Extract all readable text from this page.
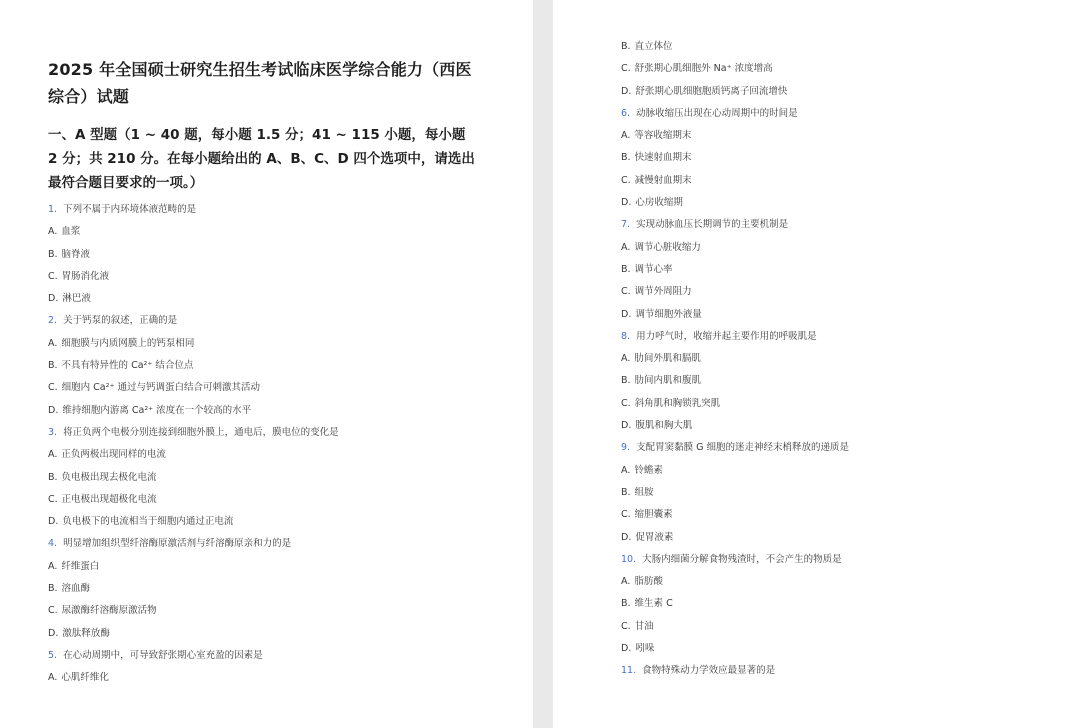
2025 年全国硕士研究生招生考试临床医学综合能力（西医综合）试题
一、A 型题（1 ~ 40 题，每小题 1.5 分；41 ~ 115 小题，每小题 2 分；共 210 分。在每小题给出的 A、B、C、D 四个选项中，请选出最符合题目要求的一项。）
1. 下列不属于内环境体液范畴的是
A. 血浆
B. 脑脊液
C. 胃肠消化液
D. 淋巴液
2. 关于钙泵的叙述，正确的是
A. 细胞膜与内质网膜上的钙泵相同
B. 不具有特异性的 Ca²⁺ 结合位点
C. 细胞内 Ca²⁺ 通过与钙调蛋白结合可刺激其活动
D. 维持细胞内游离 Ca²⁺ 浓度在一个较高的水平
3. 将正负两个电极分别连接到细胞外膜上，通电后，膜电位的变化是
A. 正负两极出现同样的电流
B. 负电极出现去极化电流
C. 正电极出现超极化电流
D. 负电极下的电流相当于细胞内通过正电流
4. 明显增加组织型纤溶酶原激活剂与纤溶酶原亲和力的是
A. 纤维蛋白
B. 溶血酶
C. 尿激酶纤溶酶原激活物
D. 激肽释放酶
5. 在心动周期中，可导致舒张期心室充盈的因素是
A. 心肌纤维化
B. 直立体位
C. 舒张期心肌细胞外 Na⁺ 浓度增高
D. 舒张期心肌细胞胞质钙离子回流增快
6. 动脉收缩压出现在心动周期中的时间是
A. 等容收缩期末
B. 快速射血期末
C. 减慢射血期末
D. 心房收缩期
7. 实现动脉血压长期调节的主要机制是
A. 调节心脏收缩力
B. 调节心率
C. 调节外周阻力
D. 调节细胞外液量
8. 用力呼气时，收缩并起主要作用的呼吸肌是
A. 肋间外肌和膈肌
B. 肋间内肌和腹肌
C. 斜角肌和胸锁乳突肌
D. 腹肌和胸大肌
9. 支配胃窦黏膜 G 细胞的迷走神经末梢释放的递质是
A. 铃蟾素
B. 组胺
C. 缩胆囊素
D. 促胃液素
10. 大肠内细菌分解食物残渣时，不会产生的物质是
A. 脂肪酸
B. 维生素 C
C. 甘油
D. 吲哚
11. 食物特殊动力学效应最显著的是
